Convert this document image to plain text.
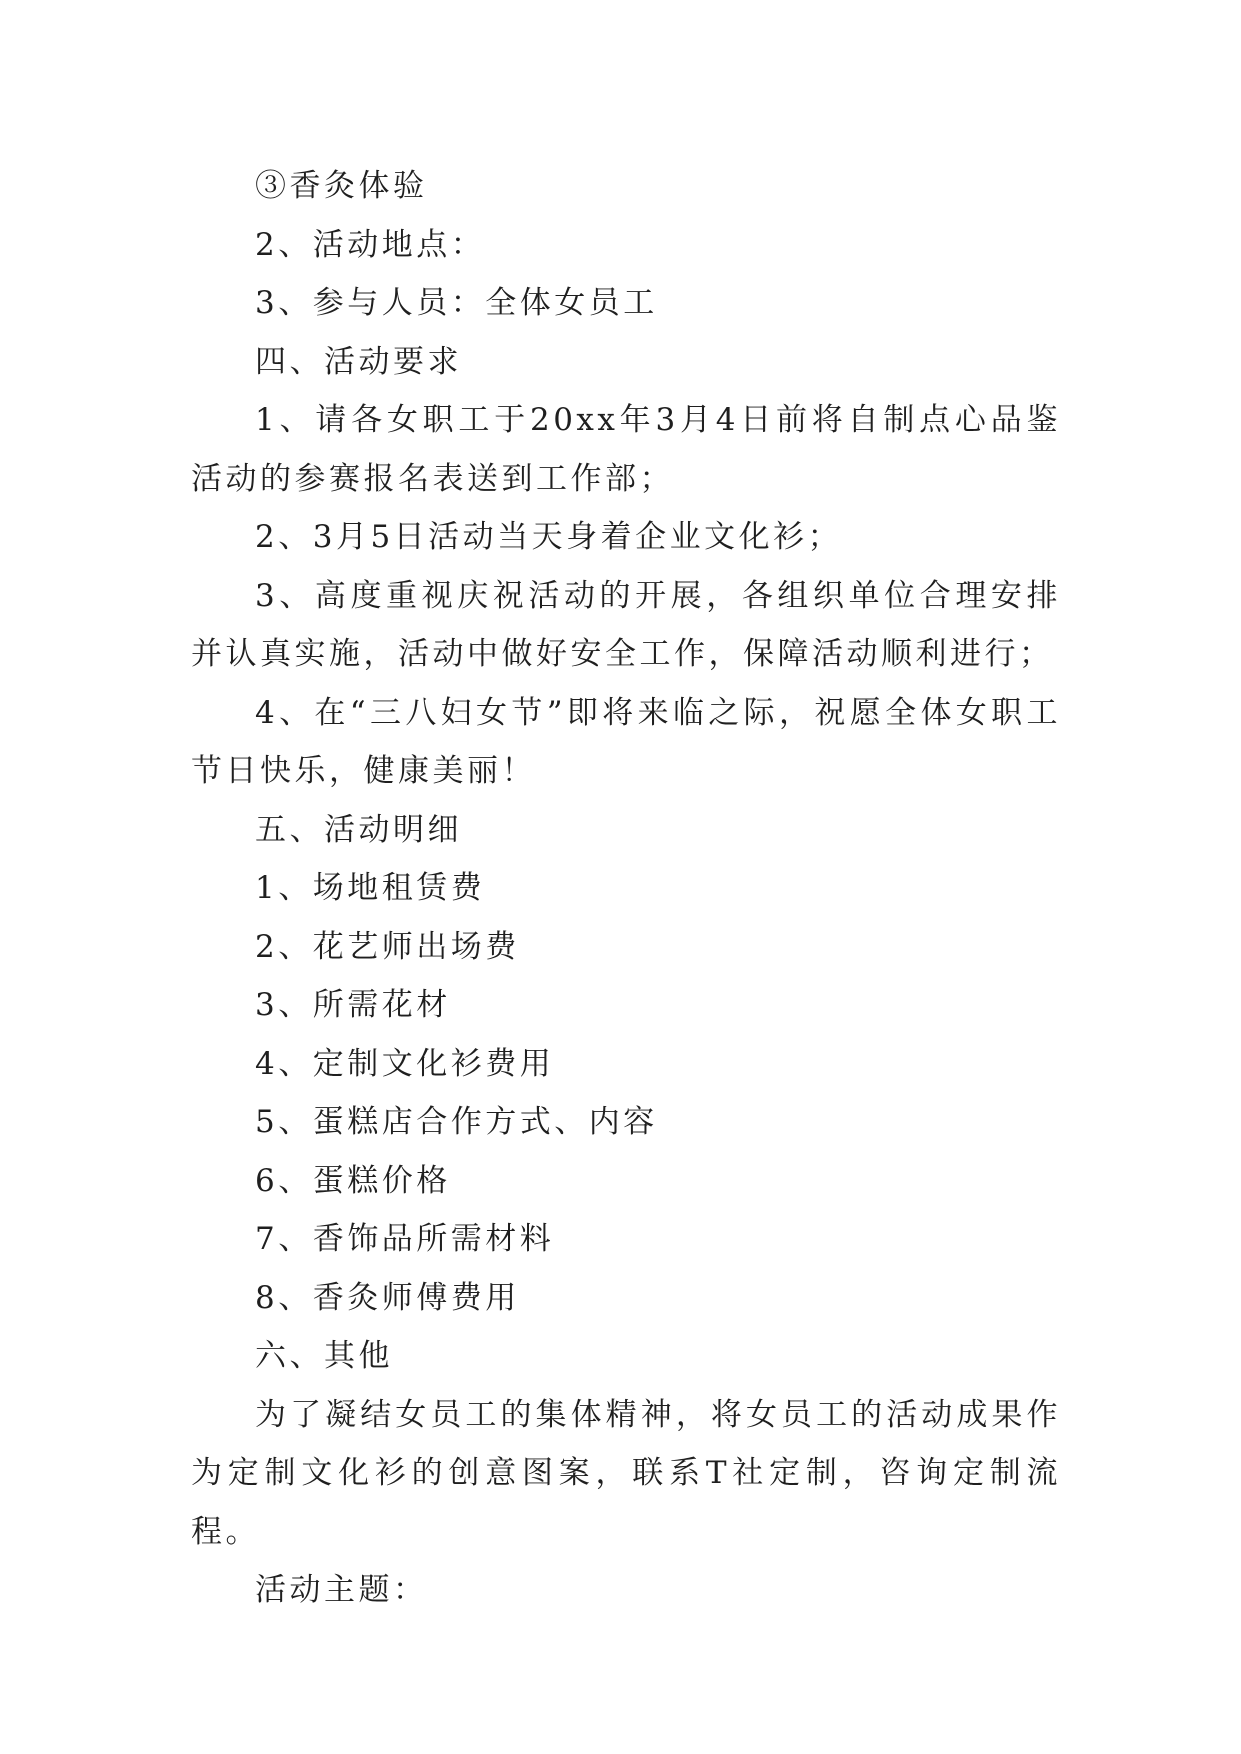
③香灸体验

2、活动地点：

3、参与人员：全体女员工

四、活动要求

1、请各女职工于20xx年3月4日前将自制点心品鉴活动的参赛报名表送到工作部；

2、3月5日活动当天身着企业文化衫；

3、高度重视庆祝活动的开展，各组织单位合理安排并认真实施，活动中做好安全工作，保障活动顺利进行；

4、在“三八妇女节”即将来临之际，祝愿全体女职工节日快乐，健康美丽！

五、活动明细

1、场地租赁费

2、花艺师出场费

3、所需花材

4、定制文化衫费用

5、蛋糕店合作方式、内容

6、蛋糕价格

7、香饰品所需材料

8、香灸师傅费用

六、其他

为了凝结女员工的集体精神，将女员工的活动成果作为定制文化衫的创意图案，联系T社定制，咨询定制流程。

活动主题：
